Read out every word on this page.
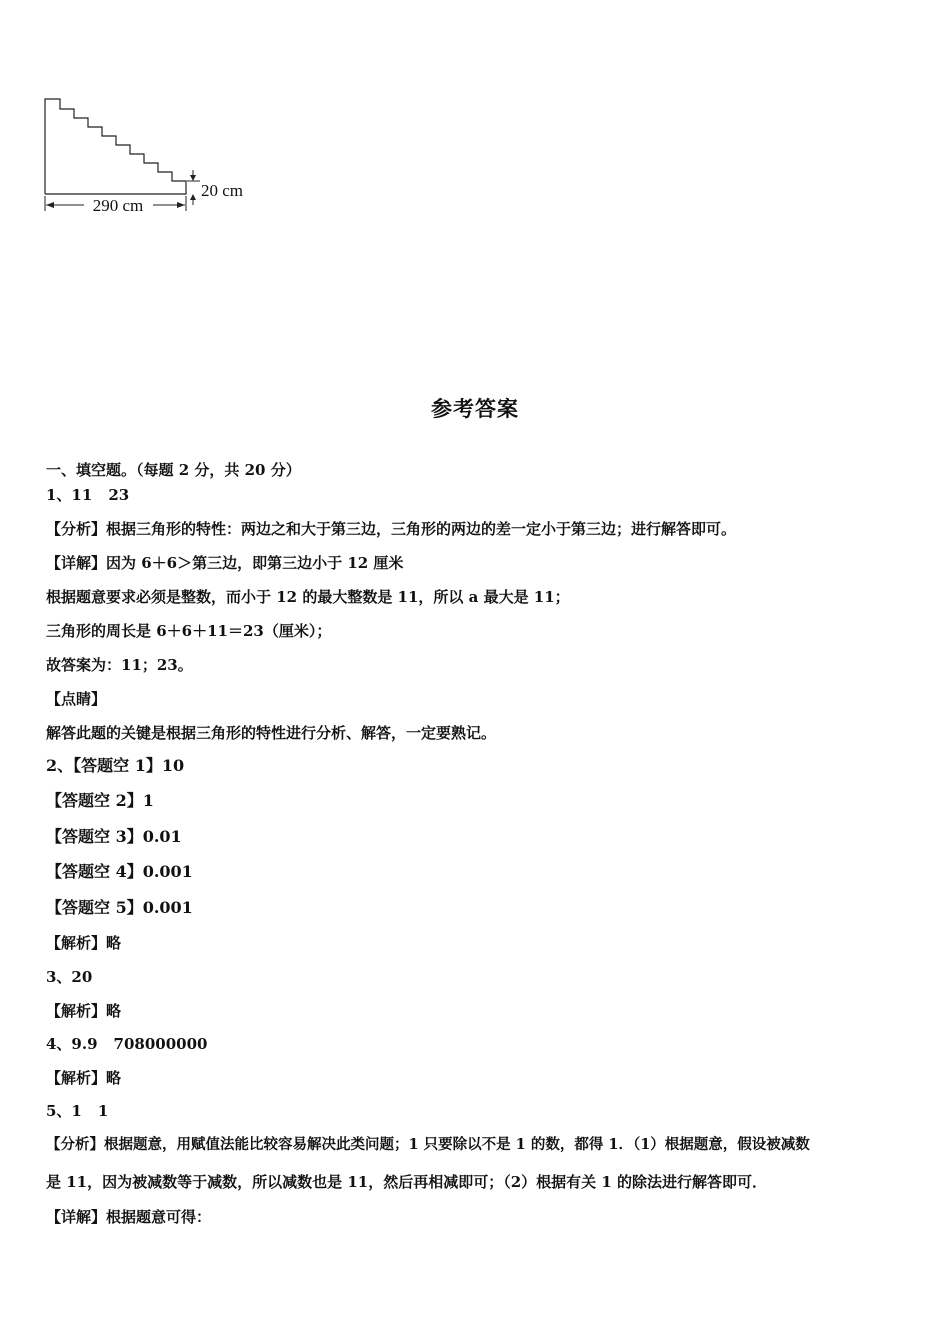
290 cm
20 cm
参考答案
一、填空题。（每题 2 分，共 20 分）
1、11 23
【分析】根据三角形的特性：两边之和大于第三边，三角形的两边的差一定小于第三边；进行解答即可。
【详解】因为 6＋6＞第三边，即第三边小于 12 厘米
根据题意要求必须是整数，而小于 12 的最大整数是 11，所以 a 最大是 11；
三角形的周长是 6＋6＋11＝23（厘米）；
故答案为：11；23。
【点睛】
解答此题的关键是根据三角形的特性进行分析、解答，一定要熟记。
2、【答题空 1】10
【答题空 2】1
【答题空 3】0.01
【答题空 4】0.001
【答题空 5】0.001
【解析】略
3、20
【解析】略
4、9.9 708000000
【解析】略
5、1 1
【分析】根据题意，用赋值法能比较容易解决此类问题；1 只要除以不是 1 的数，都得 1．（1）根据题意，假设被减数
是 11，因为被减数等于减数，所以减数也是 11，然后再相减即可；（2）根据有关 1 的除法进行解答即可．
【详解】根据题意可得：
